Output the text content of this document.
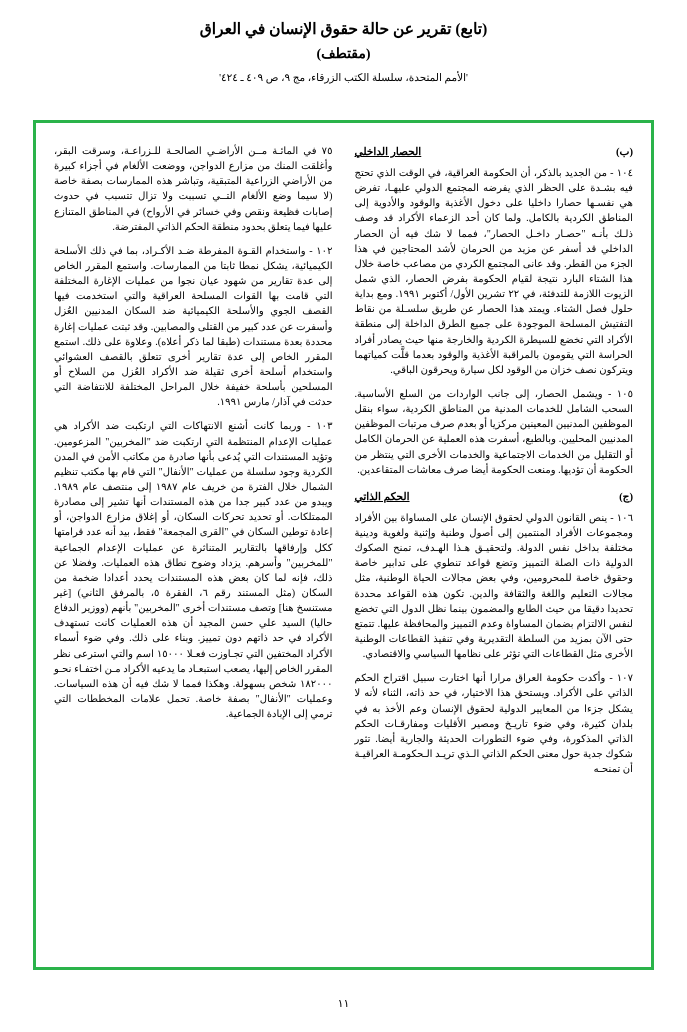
(تابع) تقرير عن حالة حقوق الإنسان في العراق
(مقتطف)
'الأمم المتحدة، سلسلة الكتب الزرقاء، مج ٩، ص ٤٠٩ ـ ٤٢٤'
(ب)
الحصار الداخلي

١٠٤ - من الجديد بالذكر، أن الحكومة العراقية، في الوقت الذي تحتج فيه بشـدة على الحظر الذي يفرضه المجتمع الدولي عليهـا، تفرض هي نفسـها حصارا داخليا على دخول الأغذية والوقود والأدوية إلى المناطق الكردية بالكامل. ولما كان أحد الزعماء الأكراد قد وصف ذلـك بأنـه "حصـار داخـل الحصار"، فمما لا شك فيه أن الحصار الداخلي قد أسفر عن مزيد من الحرمان لأشد المحتاجين في هذا الجزء من القطر. وقد عانى المجتمع الكردي من مصاعب خاصة خلال هذا الشتاء البارد نتيجة لقيام الحكومة بفرض الحصار، الذي شمل الزيوت اللازمة للتدفئة، في ٢٢ تشرين الأول/ أكتوبر ١٩٩١. ومع بداية حلول فصل الشتاء. ويمتد هذا الحصار عن طريق سلسـلة من نقاط التفتيش المسلحة الموجودة على جميع الطرق الداخلة إلى منطقة الأكراد التي تخضع للسيطرة الكردية والخارجة منها حيث يصادر أفراد الحراسة التي يقومون بالمراقبة الأغذية والوقود بعدما قلَّت كمياتهما ويتركون نصف خزان من الوقود لكل سيارة ويحرقون الباقي.

١٠٥ - ويشمل الحصار، إلى جانب الواردات من السلع الأساسية. السحب الشامل للخدمات المدنية من المناطق الكردية، سواء بنقل الموظفين المدنيين المعينين مركزيا أو بعدم صرف مرتبات الموظفين المدنيين المحليين. وبالطبع، أسفرت هذه العملية عن الحرمان الكامل أو التقليل من الخدمات الاجتماعية والخدمات الأخرى التي ينتظر من الحكومة أن تؤديها. ومنعت الحكومة أيضا صرف معاشات المتقاعدين.

(ج)
الحكم الذاتي

١٠٦ - ينص القانون الدولي لحقوق الإنسان على المساواة بين الأفراد ومجموعات الأفراد المنتمين إلى أصول وطنية وإثنية ولغوية ودينية مختلفة بداخل نفس الدولة. ولتحقيـق هـذا الهـدف، تمنح الصكوك الدولية ذات الصلة التمييز وتضع قواعد تنطوي على تدابير خاصة وحقوق خاصة للمحرومين، وفي بعض مجالات الحياة الوطنية، مثل مجالات التعليم واللغة والثقافة والدين. تكون هذه القواعد محددة تحديدا دقيقا من حيث الطابع والمضمون بينما نظل الدول التي تخضع لنفس الالتزام بضمان المساواة وعدم التمييز والمحافظة عليها. تتمتع حتى الآن بمزيد من السلطة التقديرية وفي تنفيذ القطاعات الوطنية الأخرى مثل القطاعات التي تؤثر على نظامها السياسي والاقتصادي.

١٠٧ - وأكدت حكومة العراق مرارا أنها اختارت سبيل اقتراح الحكم الذاتي على الأكراد. ويستحق هذا الاختيار، في حد ذاته، الثناء لأنه لا يشكل جزءا من المعايير الدولية لحقوق الإنسان وعم الأخذ به في بلدان كثيرة، وفي ضوء تاريـخ ومصير الأقليات ومفارقـات الحكم الذاتي المذكورة، وفي ضوء التطورات الحديثة والجارية أيضا. تثور شكوك جدية حول معنى الحكم الذاتي الـذي تريـد الـحكومـة العراقيـة أن تمنحـه

٧٥ في المائـة مــن الأراضـي الصالحـة للـزراعـة، وسرقت البقر، وأغلقت المنك من مزارع الدواجن، ووضعت الألغام في أجزاء كبيرة من الأراضي الزراعية المتبقية، وتباشر هذه الممارسات بصفة خاصة (لا سيما وضع الألغام التــي تسببت ولا تزال تتسبب في حدوث إصابات فظيعة ونقص وفي خسائر في الأرواح) في المناطق المتنازع عليها فيما يتعلق بحدود منطقة الحكم الذاتي المفترضة.

١٠٢ - واستخدام القـوة المفرطة ضـد الأكـراد، بما في ذلك الأسلحة الكيميائية، يشكل نمطا ثابتا من الممارسات. واستمع المقرر الخاص إلى عدة تقارير من شهود عيان نجوا من عمليات الإغارة المختلفة التي قامت بها القوات المسلحة العراقية والتي استخدمت فيها القصف الجوي والأسلحة الكيميائية ضد السكان المدنيين العُزل وأسفرت عن عدد كبير من القتلى والمصابين. وقد ثبتت عمليات إغارة محددة بعدة مستندات (طبقا لما ذكر أعلاه). وعلاوة على ذلك. استمع المقرر الخاص إلى عدة تقارير أخرى تتعلق بالقصف العشوائي واستخدام أسلحة أخرى ثقيلة ضد الأكراد العُزل من السلاح أو المسلحين بأسلحة خفيفة خلال المراحل المختلفة للانتفاضة التي حدثت في آذار/ مارس ١٩٩١.

١٠٣ - وربما كانت أشنع الانتهاكات التي ارتكبت ضد الأكراد هي عمليات الإعدام المنتظمة التي ارتكبت ضد "المخربين" المزعومين. وتؤيد المستندات التي يُدعى بأنها صادرة من مكاتب الأمن في المدن الكردية وجود سلسلة من عمليات "الأنفال" التي قام بها مكتب تنظيم الشمال خلال الفترة من خريف عام ١٩٨٧ إلى منتصف عام ١٩٨٩. ويبدو من عدد كبير جدا من هذه المستندات أنها تشير إلى مصادرة الممتلكات. أو تحديد تحركات السكان، أو إغلاق مزارع الدواجن، أو إعادة توطين السكان في "القرى المجمعة" فقط، بيد أنه عدد قرامتها ككل وإرفاقها بالتقارير المتناثرة عن عمليات الإعدام الجماعية "للمخربين" وأسرهم. يزداد وضوح نطاق هذه العمليات. وفضلا عن ذلك، فإنه لما كان بعض هذه المستندات يحدد أعدادا ضخمة من السكان (مثل المستند رقم ٦، الفقرة ٥، بالمرفق الثاني) [غير مستنسخ هنا] وتصف مستندات أخرى "المخربين" بأنهم (ووزير الدفاع حاليا) السيد علي حسن المجيد أن هذه العمليات كانت تستهدف الأكراد في حد ذاتهم دون تمييز. وبناء على ذلك. وفي ضوء أسماء الأكراد المختفين التي تجـاوزت فعـلا ١٥٠٠٠ اسم والتي استرعى نظر المقرر الخاص إليها، يصعب استبعـاد ما يدعيه الأكراد مـن اختفـاء نحـو ١٨٢٠٠٠ شخص بسهولة. وهكذا فمما لا شك فيه أن هذه السياسات. وعمليات "الأنفال" بصفة خاصة. تحمل علامات المخططات التي ترمي إلى الإبادة الجماعية.

١١
